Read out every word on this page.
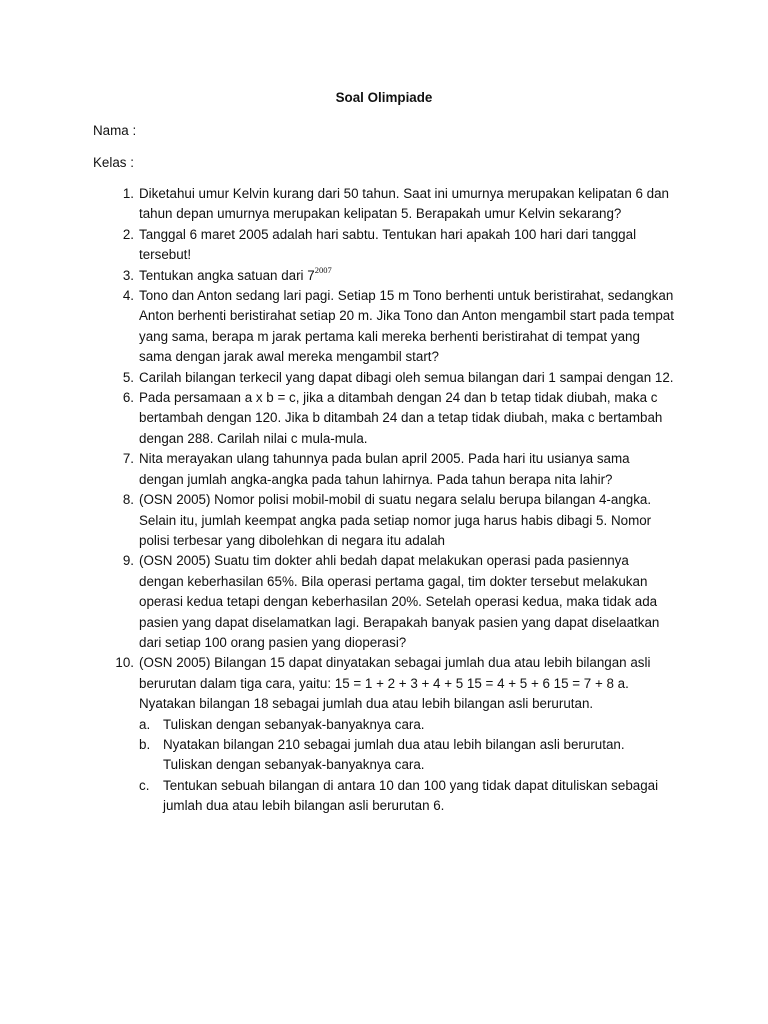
Soal Olimpiade
Nama :
Kelas :
1. Diketahui umur Kelvin kurang dari 50 tahun. Saat ini umurnya merupakan kelipatan 6 dan tahun depan umurnya merupakan kelipatan 5. Berapakah umur Kelvin sekarang?
2. Tanggal 6 maret 2005 adalah hari sabtu. Tentukan hari apakah 100 hari dari tanggal tersebut!
3. Tentukan angka satuan dari $7^{2007}$
4. Tono dan Anton sedang lari pagi. Setiap 15 m Tono berhenti untuk beristirahat, sedangkan Anton berhenti beristirahat setiap 20 m. Jika Tono dan Anton mengambil start pada tempat yang sama, berapa m jarak pertama kali mereka berhenti beristirahat di tempat yang sama dengan jarak awal mereka mengambil start?
5. Carilah bilangan terkecil yang dapat dibagi oleh semua bilangan dari 1 sampai dengan 12.
6. Pada persamaan a x b = c, jika a ditambah dengan 24 dan b tetap tidak diubah, maka c bertambah dengan 120. Jika b ditambah 24 dan a tetap tidak diubah, maka c bertambah dengan 288. Carilah nilai c mula-mula.
7. Nita merayakan ulang tahunnya pada bulan april 2005. Pada hari itu usianya sama dengan jumlah angka-angka pada tahun lahirnya. Pada tahun berapa nita lahir?
8. (OSN 2005) Nomor polisi mobil-mobil di suatu negara selalu berupa bilangan 4-angka. Selain itu, jumlah keempat angka pada setiap nomor juga harus habis dibagi 5. Nomor polisi terbesar yang dibolehkan di negara itu adalah
9. (OSN 2005) Suatu tim dokter ahli bedah dapat melakukan operasi pada pasiennya dengan keberhasilan 65%. Bila operasi pertama gagal, tim dokter tersebut melakukan operasi kedua tetapi dengan keberhasilan 20%. Setelah operasi kedua, maka tidak ada pasien yang dapat diselamatkan lagi. Berapakah banyak pasien yang dapat diselaatkan dari setiap 100 orang pasien yang dioperasi?
10. (OSN 2005) Bilangan 15 dapat dinyatakan sebagai jumlah dua atau lebih bilangan asli berurutan dalam tiga cara, yaitu: 15 = 1 + 2 + 3 + 4 + 5 15 = 4 + 5 + 6 15 = 7 + 8 a. Nyatakan bilangan 18 sebagai jumlah dua atau lebih bilangan asli berurutan.
a. Tuliskan dengan sebanyak-banyaknya cara.
b. Nyatakan bilangan 210 sebagai jumlah dua atau lebih bilangan asli berurutan. Tuliskan dengan sebanyak-banyaknya cara.
c. Tentukan sebuah bilangan di antara 10 dan 100 yang tidak dapat dituliskan sebagai jumlah dua atau lebih bilangan asli berurutan 6.
